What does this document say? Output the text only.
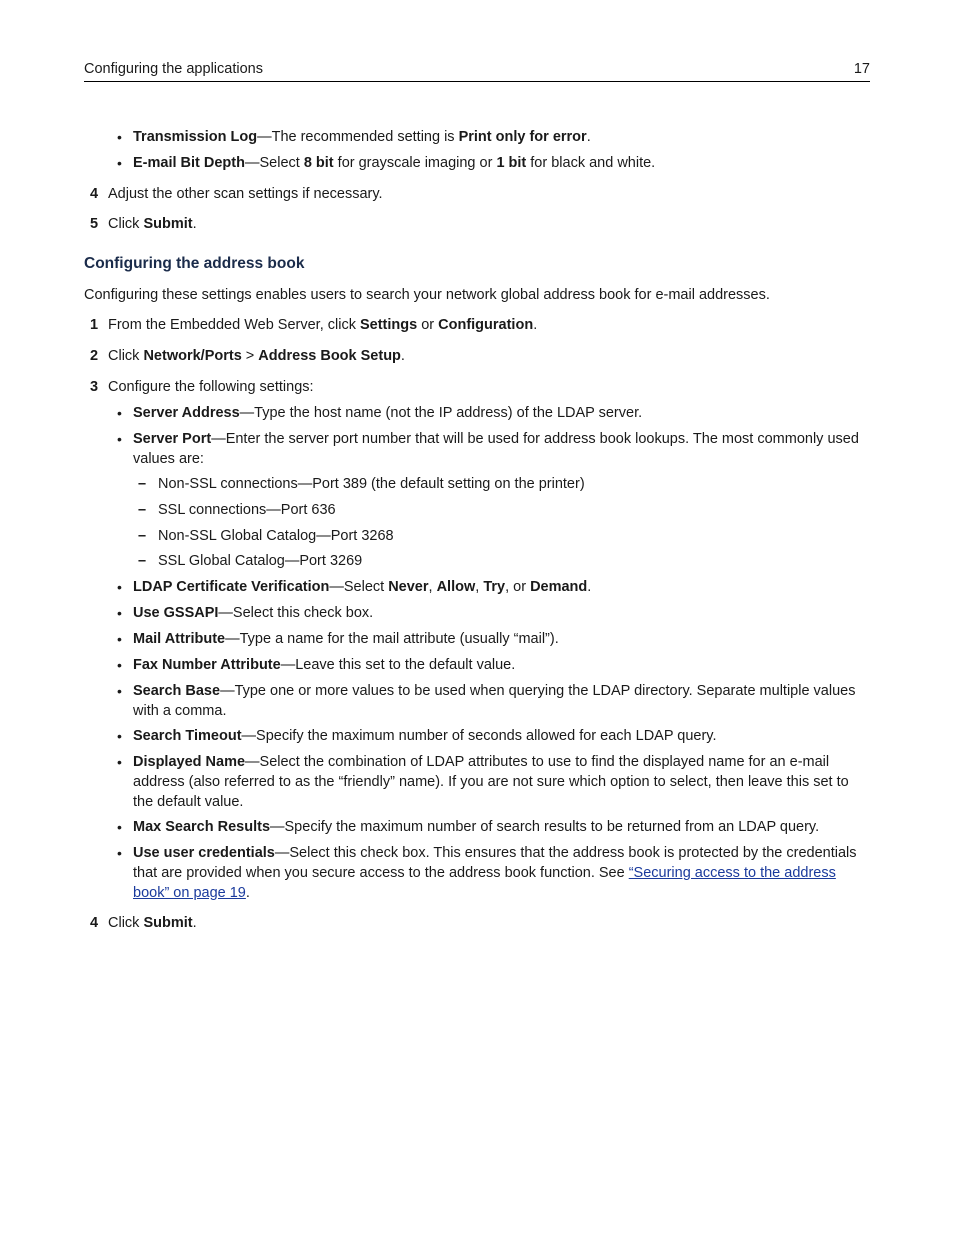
Configuring the applications	17
• Transmission Log—The recommended setting is Print only for error.
• E-mail Bit Depth—Select 8 bit for grayscale imaging or 1 bit for black and white.
4 Adjust the other scan settings if necessary.
5 Click Submit.
Configuring the address book
Configuring these settings enables users to search your network global address book for e-mail addresses.
1 From the Embedded Web Server, click Settings or Configuration.
2 Click Network/Ports > Address Book Setup.
3 Configure the following settings:
• Server Address—Type the host name (not the IP address) of the LDAP server.
• Server Port—Enter the server port number that will be used for address book lookups. The most commonly used values are:
– Non-SSL connections—Port 389 (the default setting on the printer)
– SSL connections—Port 636
– Non-SSL Global Catalog—Port 3268
– SSL Global Catalog—Port 3269
• LDAP Certificate Verification—Select Never, Allow, Try, or Demand.
• Use GSSAPI—Select this check box.
• Mail Attribute—Type a name for the mail attribute (usually “mail”).
• Fax Number Attribute—Leave this set to the default value.
• Search Base—Type one or more values to be used when querying the LDAP directory. Separate multiple values with a comma.
• Search Timeout—Specify the maximum number of seconds allowed for each LDAP query.
• Displayed Name—Select the combination of LDAP attributes to use to find the displayed name for an e-mail address (also referred to as the “friendly” name). If you are not sure which option to select, then leave this set to the default value.
• Max Search Results—Specify the maximum number of search results to be returned from an LDAP query.
• Use user credentials—Select this check box. This ensures that the address book is protected by the credentials that are provided when you secure access to the address book function. See “Securing access to the address book” on page 19.
4 Click Submit.
